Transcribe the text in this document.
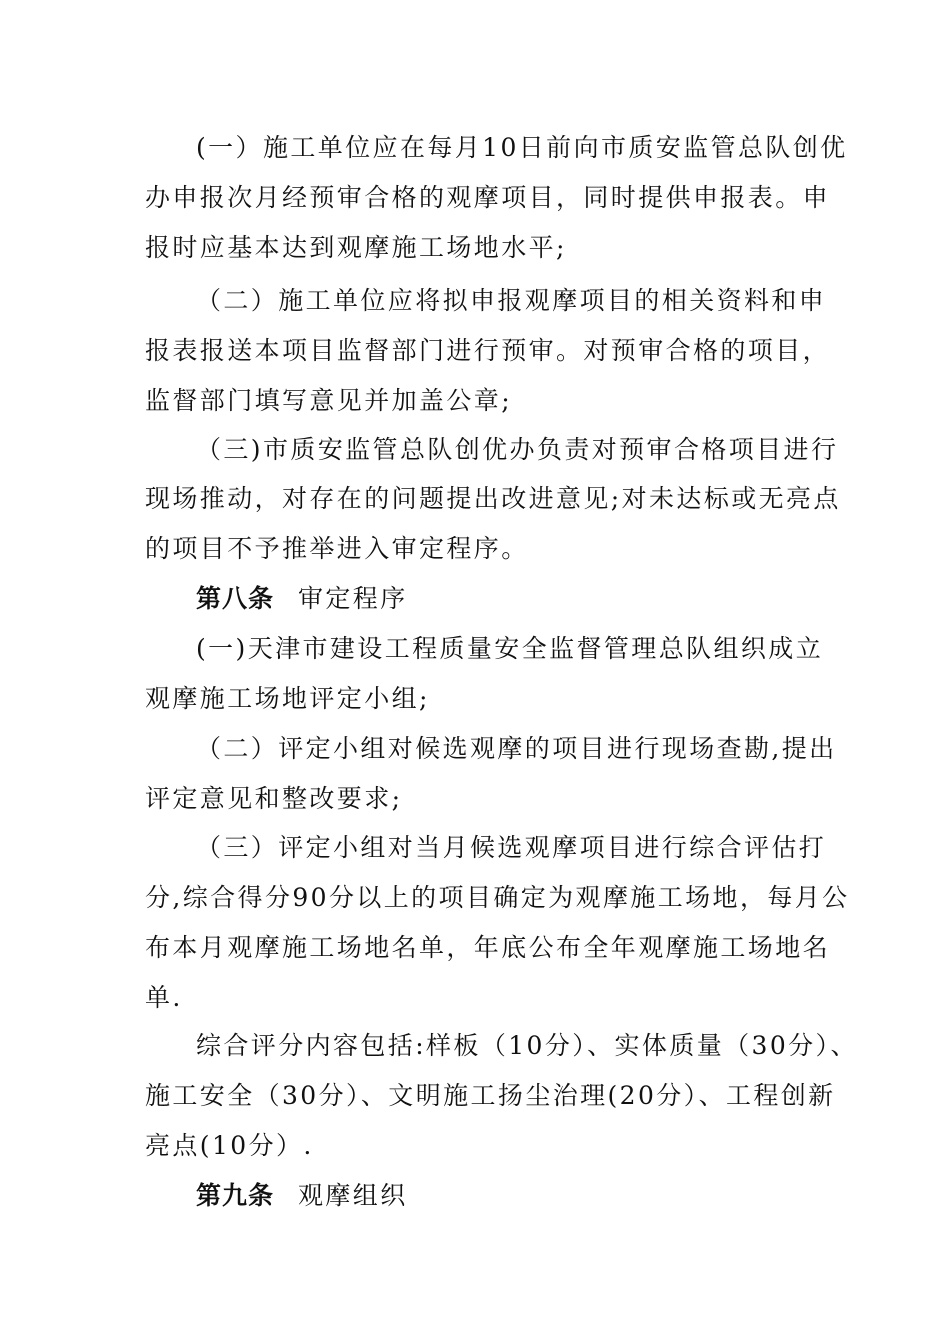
(一）施工单位应在每月10日前向市质安监管总队创优
办申报次月经预审合格的观摩项目，同时提供申报表。申
报时应基本达到观摩施工场地水平;
（二）施工单位应将拟申报观摩项目的相关资料和申
报表报送本项目监督部门进行预审。对预审合格的项目，
监督部门填写意见并加盖公章;
（三)市质安监管总队创优办负责对预审合格项目进行
现场推动，对存在的问题提出改进意见;对未达标或无亮点
的项目不予推举进入审定程序。
第八条 审定程序
(一)天津市建设工程质量安全监督管理总队组织成立
观摩施工场地评定小组;
（二）评定小组对候选观摩的项目进行现场查勘,提出
评定意见和整改要求;
（三）评定小组对当月候选观摩项目进行综合评估打
分,综合得分90分以上的项目确定为观摩施工场地，每月公
布本月观摩施工场地名单，年底公布全年观摩施工场地名
单.
综合评分内容包括:样板（10分）、实体质量（30分）、
施工安全（30分）、文明施工扬尘治理(20分）、工程创新
亮点(10分）.
第九条 观摩组织
